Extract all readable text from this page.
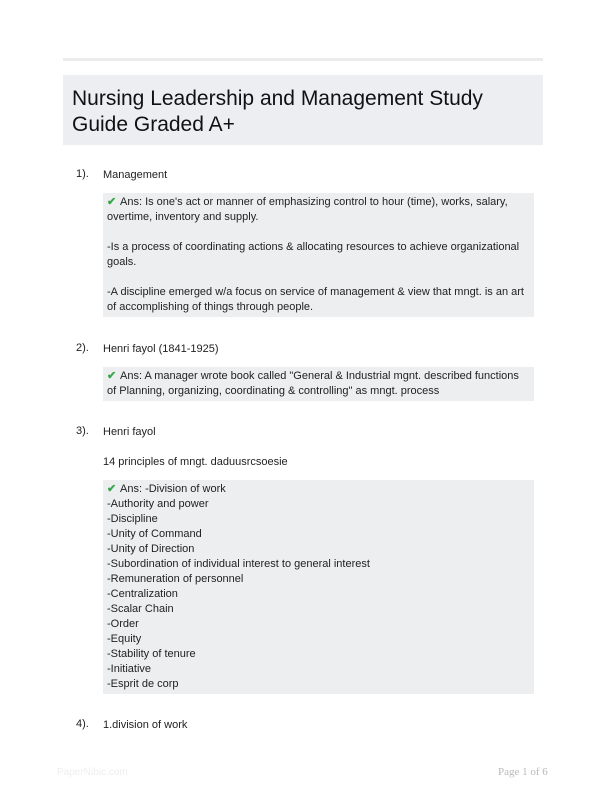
Nursing Leadership and Management Study Guide Graded A+
1). Management

✔ Ans: Is one's act or manner of emphasizing control to hour (time), works, salary, overtime, inventory and supply.

-Is a process of coordinating actions & allocating resources to achieve organizational goals.

-A discipline emerged w/a focus on service of management & view that mngt. is an art of accomplishing of things through people.

2). Henri fayol (1841-1925)

✔ Ans: A manager wrote book called "General & Industrial mgnt. described functions of Planning, organizing, coordinating & controlling" as mngt. process

3). Henri fayol
14 principles of mngt. daduusrcsoesie

✔ Ans: -Division of work

-Authority and power

-Discipline

-Unity of Command

-Unity of Direction

-Subordination of individual interest to general interest

-Remuneration of personnel

-Centralization

-Scalar Chain

-Order

-Equity

-Stability of tenure

-Initiative

-Esprit de corp

4). 1.division of work
PaperNibic.com	Page 1 of 6
